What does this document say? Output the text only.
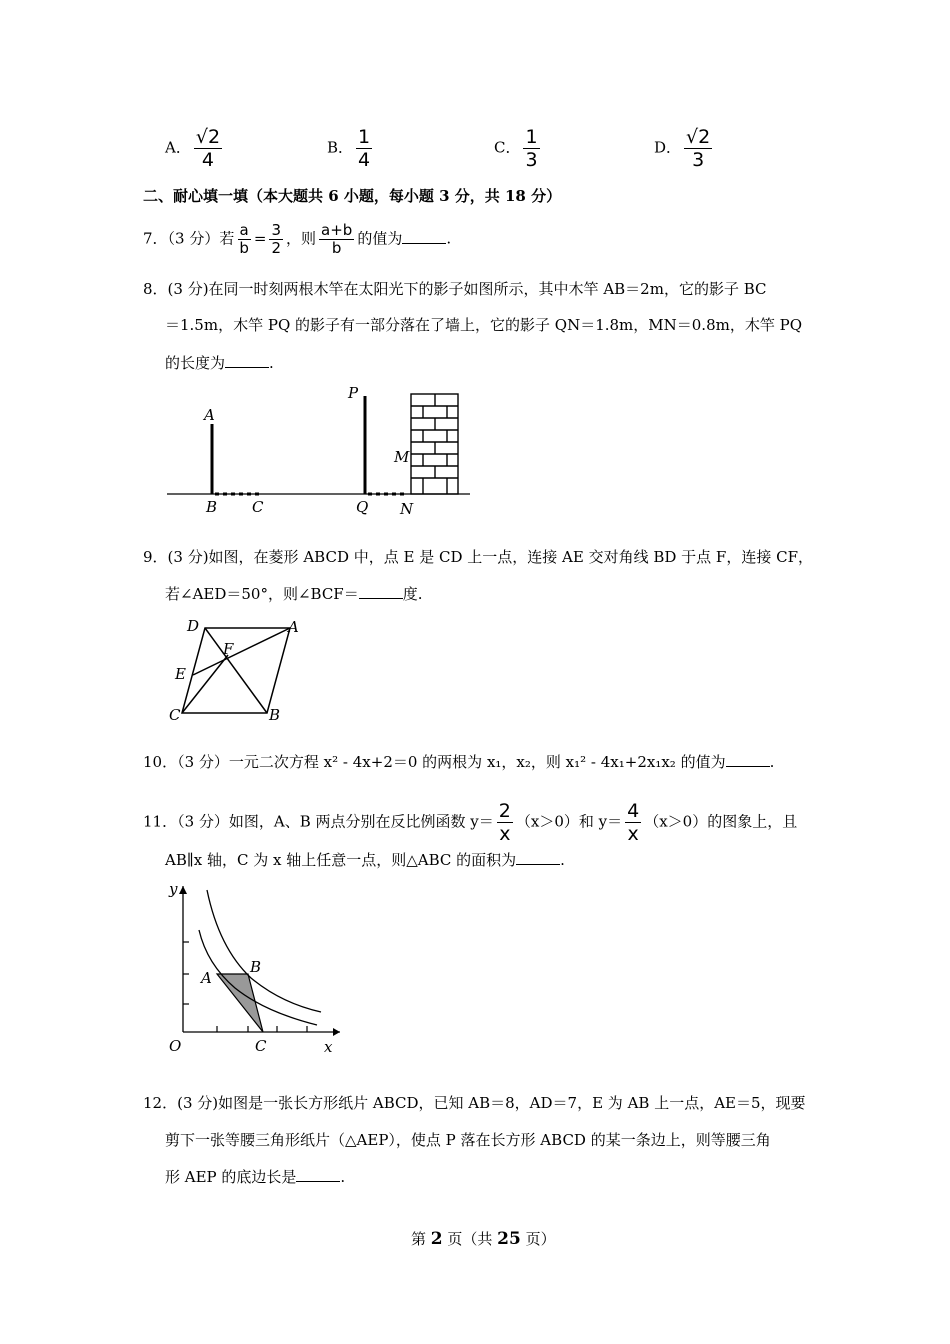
A． $\frac{√2}{4}$	B． $\frac{1}{4}$	C． $\frac{1}{3}$	D． $\frac{√2}{3}$
二、耐心填一填（本大题共 6 小题，每小题 3 分，共 18 分）
7．（3 分）若 $\frac{a}{b} = \frac{3}{2}$ ，则 $\frac{a+b}{b}$ 的值为	.
8．(3 分)在同一时刻两根木竿在太阳光下的影子如图所示，其中木竿 AB＝2m，它的影子 BC
＝1.5m，木竿 PQ 的影子有一部分落在了墙上，它的影子 QN＝1.8m，MN＝0.8m，木竿 PQ
的长度为	.
A
B C
P
Q
M
N
9．(3 分)如图，在菱形 ABCD 中，点 E 是 CD 上一点，连接 AE 交对角线 BD 于点 F，连接 CF，
若∠AED＝50°，则∠BCF＝	度.
D	A
F
E
C	B
10．（3 分）一元二次方程 x² - 4x+2＝0 的两根为 x₁，x₂，则 x₁² - 4x₁+2x₁x₂ 的值为	.
11．（3 分）如图，A、B 两点分别在反比例函数 $y= \frac{2}{x} (x>0)$和 $y= \frac{4}{x} (x>0)$的图象上，且
AB∥x 轴，C 为 x 轴上任意一点，则△ABC 的面积为	.
y
x
O
A
B
C
12．(3 分)如图是一张长方形纸片 ABCD，已知 AB＝8，AD＝7，E 为 AB 上一点，AE＝5，现要
剪下一张等腰三角形纸片（△AEP），使点 P 落在长方形 ABCD 的某一条边上，则等腰三角
形 AEP 的底边长是	.
第 2 页（共 25 页）
